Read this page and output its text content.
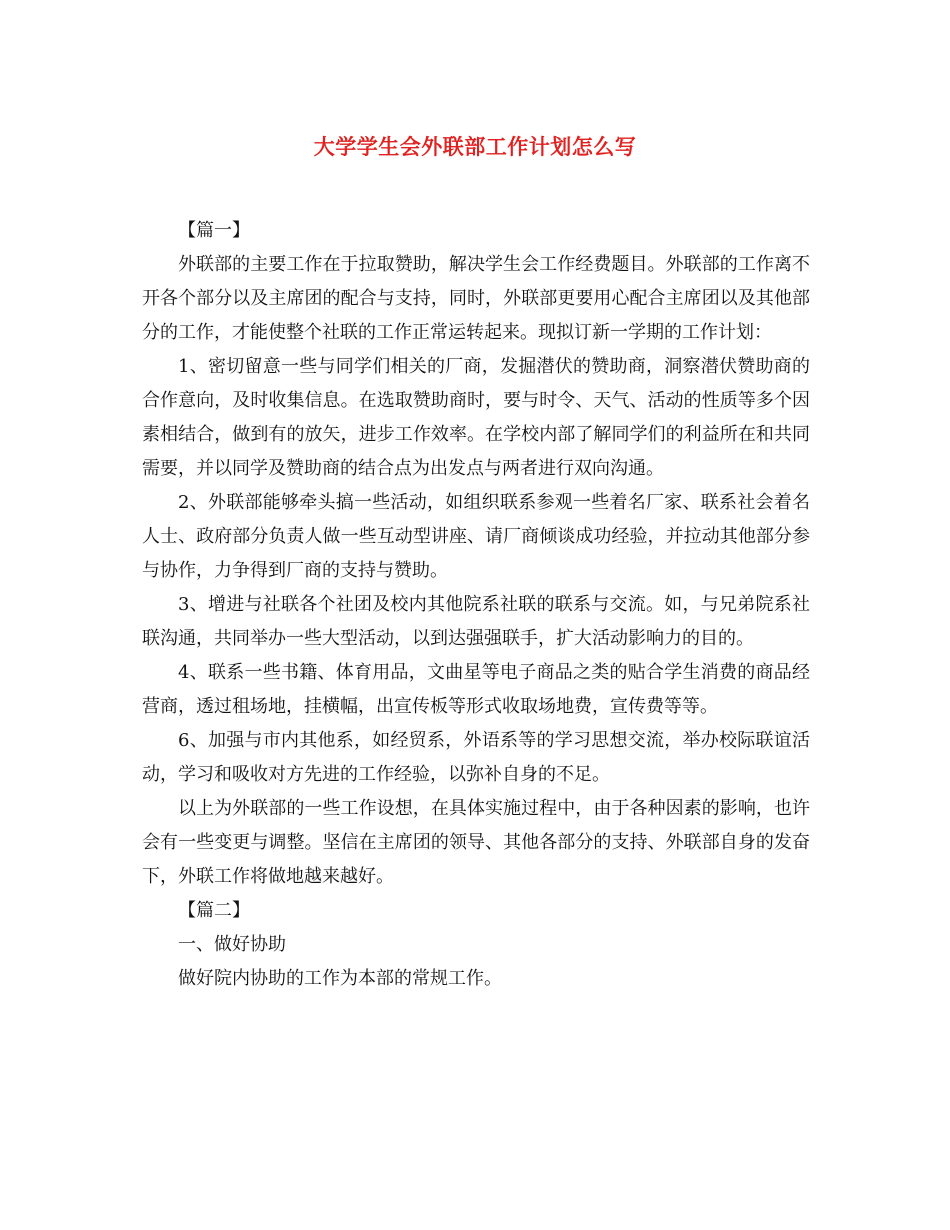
大学学生会外联部工作计划怎么写

【篇一】

外联部的主要工作在于拉取赞助，解决学生会工作经费题目。外联部的工作离不开各个部分以及主席团的配合与支持，同时，外联部更要用心配合主席团以及其他部分的工作，才能使整个社联的工作正常运转起来。现拟订新一学期的工作计划：

1、密切留意一些与同学们相关的厂商，发掘潜伏的赞助商，洞察潜伏赞助商的合作意向，及时收集信息。在选取赞助商时，要与时令、天气、活动的性质等多个因素相结合，做到有的放矢，进步工作效率。在学校内部了解同学们的利益所在和共同需要，并以同学及赞助商的结合点为出发点与两者进行双向沟通。

2、外联部能够牵头搞一些活动，如组织联系参观一些着名厂家、联系社会着名人士、政府部分负责人做一些互动型讲座、请厂商倾谈成功经验，并拉动其他部分参与协作，力争得到厂商的支持与赞助。

3、增进与社联各个社团及校内其他院系社联的联系与交流。如，与兄弟院系社联沟通，共同举办一些大型活动，以到达强强联手，扩大活动影响力的目的。

4、联系一些书籍、体育用品，文曲星等电子商品之类的贴合学生消费的商品经营商，透过租场地，挂横幅，出宣传板等形式收取场地费，宣传费等等。

6、加强与市内其他系，如经贸系，外语系等的学习思想交流，举办校际联谊活动，学习和吸收对方先进的工作经验，以弥补自身的不足。

以上为外联部的一些工作设想，在具体实施过程中，由于各种因素的影响，也许会有一些变更与调整。坚信在主席团的领导、其他各部分的支持、外联部自身的发奋下，外联工作将做地越来越好。

【篇二】

一、做好协助

做好院内协助的工作为本部的常规工作。
